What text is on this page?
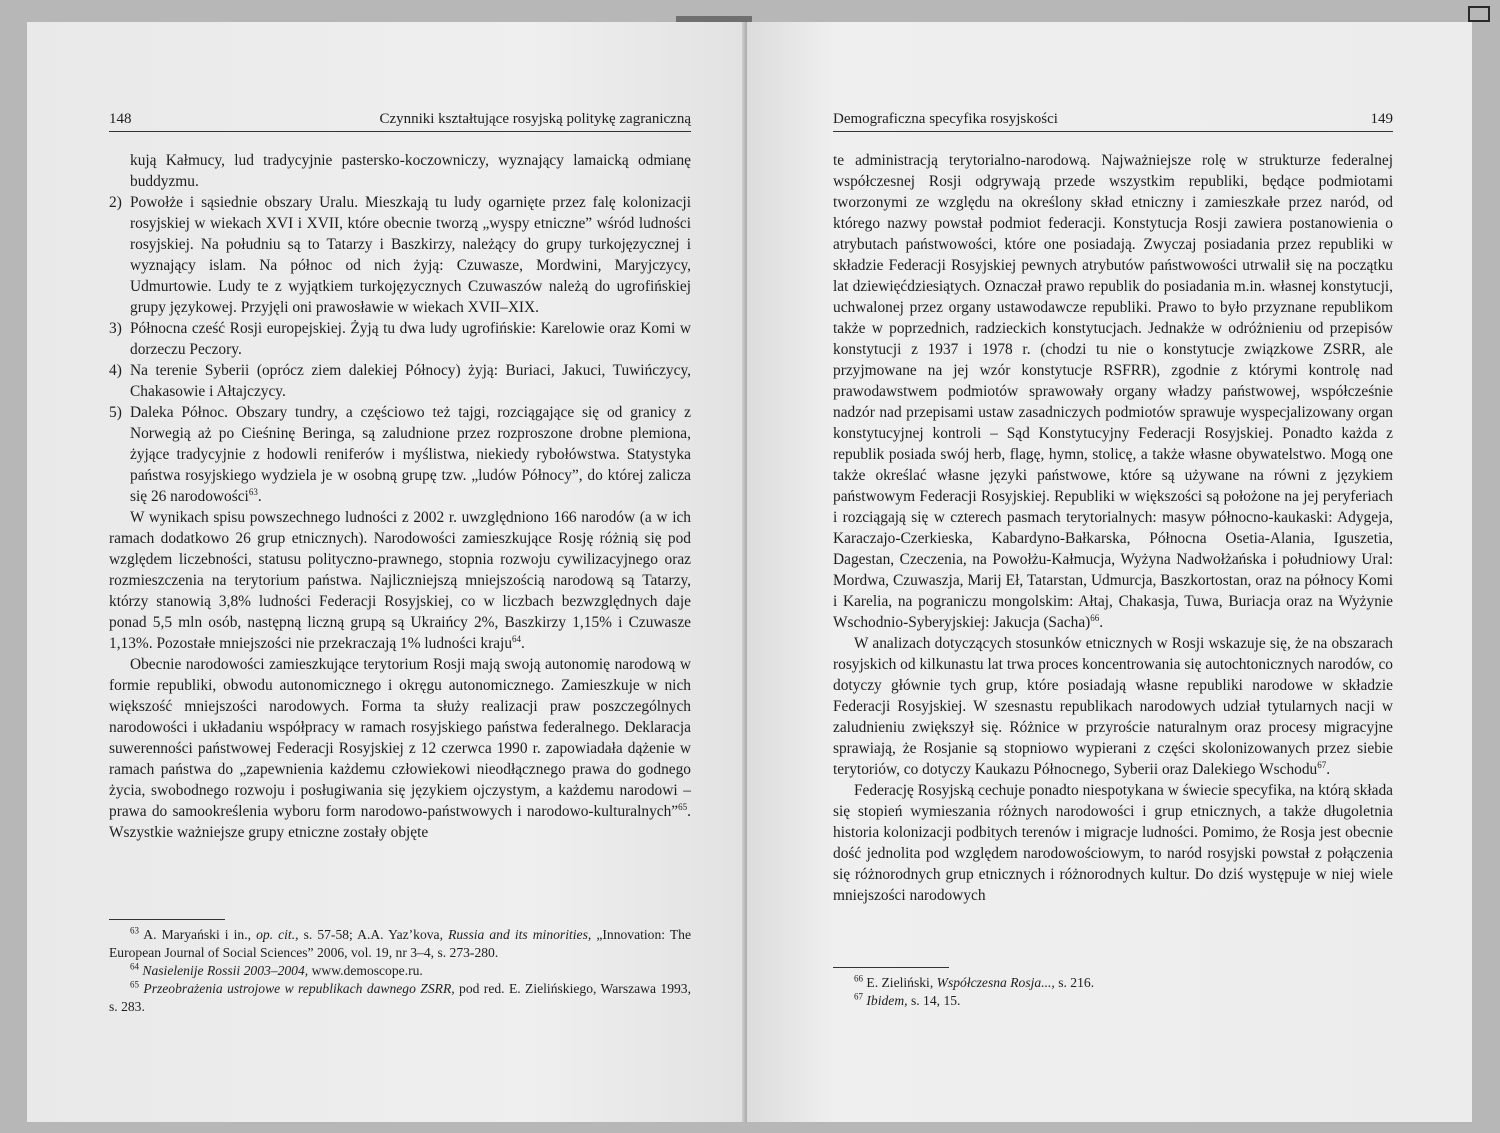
148	Czynniki kształtujące rosyjską politykę zagraniczną

kują Kałmucy, lud tradycyjnie pastersko-koczowniczy, wyznający lamaicką odmianę buddyzmu.

2) Powołże i sąsiednie obszary Uralu. Mieszkają tu ludy ogarnięte przez falę kolonizacji rosyjskiej w wiekach XVI i XVII, które obecnie tworzą „wyspy etniczne” wśród ludności rosyjskiej. Na południu są to Tatarzy i Baszkirzy, należący do grupy turkojęzycznej i wyznający islam. Na północ od nich żyją: Czuwasze, Mordwini, Maryjczycy, Udmurtowie. Ludy te z wyjątkiem turkojęzycznych Czuwaszów należą do ugrofińskiej grupy językowej. Przyjęli oni prawosławie w wiekach XVII–XIX.
3) Północna cześć Rosji europejskiej. Żyją tu dwa ludy ugrofińskie: Karelowie oraz Komi w dorzeczu Peczory.
4) Na terenie Syberii (oprócz ziem dalekiej Północy) żyją: Buriaci, Jakuci, Tuwińczycy, Chakasowie i Ałtajczycy.
5) Daleka Północ. Obszary tundry, a częściowo też tajgi, rozciągające się od granicy z Norwegią aż po Cieśninę Beringa, są zaludnione przez rozproszone drobne plemiona, żyjące tradycyjnie z hodowli reniferów i myślistwa, niekiedy rybołówstwa. Statystyka państwa rosyjskiego wydziela je w osobną grupę tzw. „ludów Północy”, do której zalicza się 26 narodowości$^{63}$.

W wynikach spisu powszechnego ludności z 2002 r. uwzględniono 166 narodów (a w ich ramach dodatkowo 26 grup etnicznych). Narodowości zamieszkujące Rosję różnią się pod względem liczebności, statusu polityczno-prawnego, stopnia rozwoju cywilizacyjnego oraz rozmieszczenia na terytorium państwa. Najliczniejszą mniejszością narodową są Tatarzy, którzy stanowią 3,8% ludności Federacji Rosyjskiej, co w liczbach bezwzględnych daje ponad 5,5 mln osób, następną liczną grupą są Ukraińcy 2%, Baszkirzy 1,15% i Czuwasze 1,13%. Pozostałe mniejszości nie przekraczają 1% ludności kraju$^{64}$.

Obecnie narodowości zamieszkujące terytorium Rosji mają swoją autonomię narodową w formie republiki, obwodu autonomicznego i okręgu autonomicznego. Zamieszkuje w nich większość mniejszości narodowych. Forma ta służy realizacji praw poszczególnych narodowości i układaniu współpracy w ramach rosyjskiego państwa federalnego. Deklaracja suwerenności państwowej Federacji Rosyjskiej z 12 czerwca 1990 r. zapowiadała dążenie w ramach państwa do „zapewnienia każdemu człowiekowi nieodłącznego prawa do godnego życia, swobodnego rozwoju i posługiwania się językiem ojczystym, a każdemu narodowi – prawa do samookreślenia wyboru form narodowo-państwowych i narodowo-kulturalnych”$^{65}$. Wszystkie ważniejsze grupy etniczne zostały objęte

$^{63}$ A. Maryański i in., op. cit., s. 57-58; A.A. Yaz’kova, Russia and its minorities, „Innovation: The European Journal of Social Sciences” 2006, vol. 19, nr 3–4, s. 273-280.

$^{64}$ Nasielenije Rossii 2003–2004, www.demoscope.ru.

$^{65}$ Przeobrażenia ustrojowe w republikach dawnego ZSRR, pod red. E. Zielińskiego, Warszawa 1993, s. 283.

Demograficzna specyfika rosyjskości	149

te administracją terytorialno-narodową. Najważniejsze rolę w strukturze federalnej współczesnej Rosji odgrywają przede wszystkim republiki, będące podmiotami tworzonymi ze względu na określony skład etniczny i zamieszkałe przez naród, od którego nazwy powstał podmiot federacji. Konstytucja Rosji zawiera postanowienia o atrybutach państwowości, które one posiadają. Zwyczaj posiadania przez republiki w składzie Federacji Rosyjskiej pewnych atrybutów państwowości utrwalił się na początku lat dziewięćdziesiątych. Oznaczał prawo republik do posiadania m.in. własnej konstytucji, uchwalonej przez organy ustawodawcze republiki. Prawo to było przyznane republikom także w poprzednich, radzieckich konstytucjach. Jednakże w odróżnieniu od przepisów konstytucji z 1937 i 1978 r. (chodzi tu nie o konstytucje związkowe ZSRR, ale przyjmowane na jej wzór konstytucje RSFRR), zgodnie z którymi kontrolę nad prawodawstwem podmiotów sprawowały organy władzy państwowej, współcześnie nadzór nad przepisami ustaw zasadniczych podmiotów sprawuje wyspecjalizowany organ konstytucyjnej kontroli – Sąd Konstytucyjny Federacji Rosyjskiej. Ponadto każda z republik posiada swój herb, flagę, hymn, stolicę, a także własne obywatelstwo. Mogą one także określać własne języki państwowe, które są używane na równi z językiem państwowym Federacji Rosyjskiej. Republiki w większości są położone na jej peryferiach i rozciągają się w czterech pasmach terytorialnych: masyw północno-kaukaski: Adygeja, Karaczajo-Czerkieska, Kabardyno-Bałkarska, Północna Osetia-Alania, Iguszetia, Dagestan, Czeczenia, na Powołżu-Kałmucja, Wyżyna Nadwołżańska i południowy Ural: Mordwa, Czuwaszja, Marij Eł, Tatarstan, Udmurcja, Baszkortostan, oraz na północy Komi i Karelia, na pograniczu mongolskim: Ałtaj, Chakasja, Tuwa, Buriacja oraz na Wyżynie Wschodnio-Syberyjskiej: Jakucja (Sacha)$^{66}$.

W analizach dotyczących stosunków etnicznych w Rosji wskazuje się, że na obszarach rosyjskich od kilkunastu lat trwa proces koncentrowania się autochtonicznych narodów, co dotyczy głównie tych grup, które posiadają własne republiki narodowe w składzie Federacji Rosyjskiej. W szesnastu republikach narodowych udział tytularnych nacji w zaludnieniu zwiększył się. Różnice w przyroście naturalnym oraz procesy migracyjne sprawiają, że Rosjanie są stopniowo wypierani z części skolonizowanych przez siebie terytoriów, co dotyczy Kaukazu Północnego, Syberii oraz Dalekiego Wschodu$^{67}$.

Federację Rosyjską cechuje ponadto niespotykana w świecie specyfika, na którą składa się stopień wymieszania różnych narodowości i grup etnicznych, a także długoletnia historia kolonizacji podbitych terenów i migracje ludności. Pomimo, że Rosja jest obecnie dość jednolita pod względem narodowościowym, to naród rosyjski powstał z połączenia się różnorodnych grup etnicznych i różnorodnych kultur. Do dziś występuje w niej wiele mniejszości narodowych

$^{66}$ E. Zieliński, Współczesna Rosja..., s. 216.

$^{67}$ Ibidem, s. 14, 15.
